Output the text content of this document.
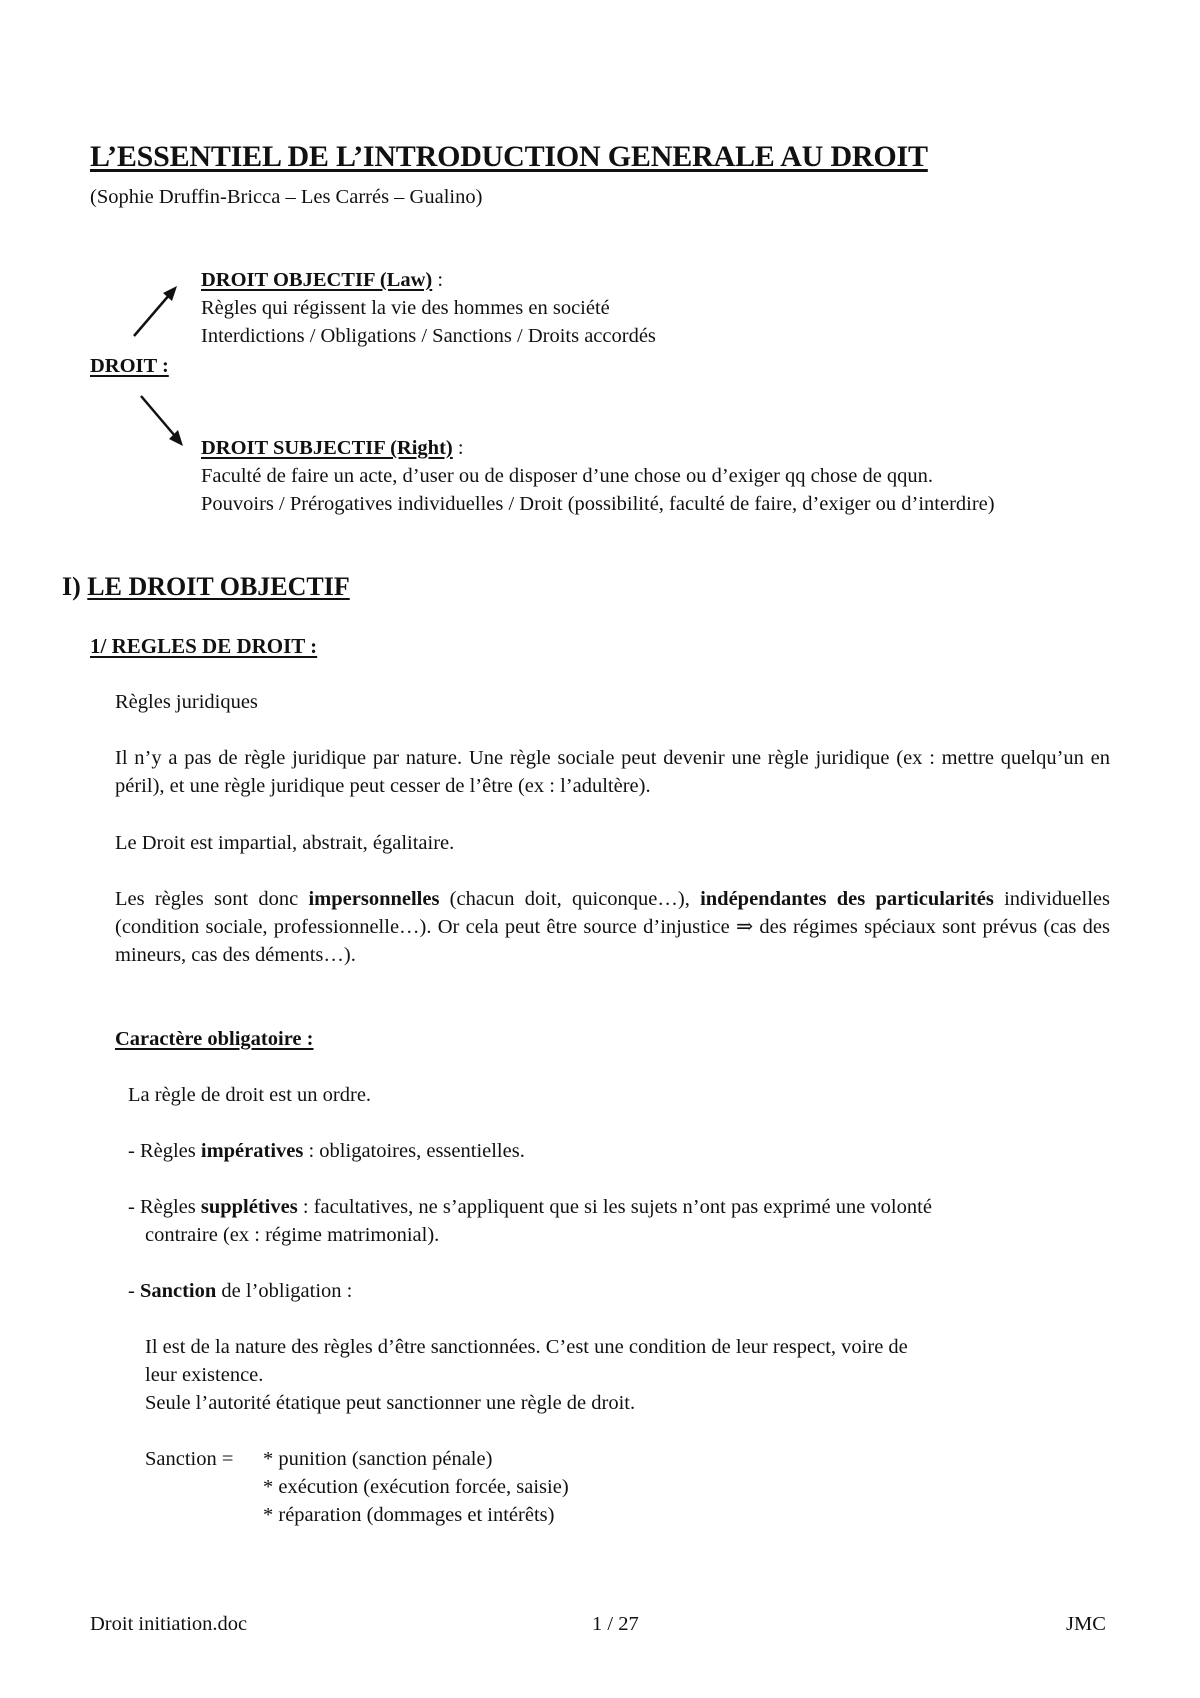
L’ESSENTIEL DE L’INTRODUCTION GENERALE AU DROIT
(Sophie Druffin-Bricca – Les Carrés – Gualino)
DROIT OBJECTIF (Law) :
Règles qui régissent la vie des hommes en société
Interdictions / Obligations / Sanctions / Droits accordés
DROIT :
DROIT SUBJECTIF (Right) :
Faculté de faire un acte, d’user ou de disposer d’une chose ou d’exiger qq chose de qqun.
Pouvoirs / Prérogatives individuelles / Droit (possibilité, faculté de faire, d’exiger ou d’interdire)
I) LE DROIT OBJECTIF
1/ REGLES DE DROIT :
Règles juridiques
Il n’y a pas de règle juridique par nature. Une règle sociale peut devenir une règle juridique (ex : mettre quelqu’un en péril), et une règle juridique peut cesser de l’être (ex : l’adultère).
Le Droit est impartial, abstrait, égalitaire.
Les règles sont donc impersonnelles (chacun doit, quiconque…), indépendantes des particularités individuelles (condition sociale, professionnelle…). Or cela peut être source d’injustice ⇒ des régimes spéciaux sont prévus (cas des mineurs, cas des déments…).
Caractère obligatoire :
La règle de droit est un ordre.
- Règles impératives : obligatoires, essentielles.
- Règles supplétives : facultatives, ne s’appliquent que si les sujets n’ont pas exprimé une volonté
contraire (ex : régime matrimonial).
- Sanction de l’obligation :
Il est de la nature des règles d’être sanctionnées. C’est une condition de leur respect, voire de
leur existence.
Seule l’autorité étatique peut sanctionner une règle de droit.
Sanction = * punition (sanction pénale)
* exécution (exécution forcée, saisie)
* réparation (dommages et intérêts)
Droit initiation.doc	1 / 27	JMC
